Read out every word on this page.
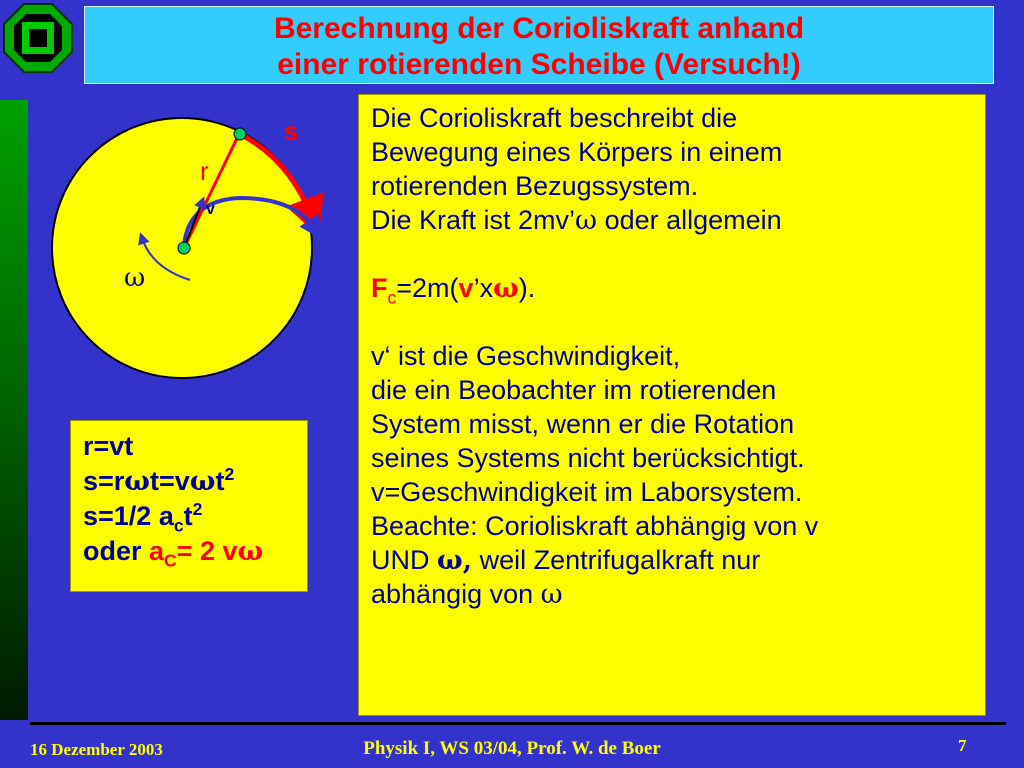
Berechnung der Corioliskraft anhand
einer rotierenden Scheibe (Versuch!)
s
r
v
ω
r=vt
s=rωt=vωt$^2$
s=1/2 $a_ct^2$
oder $a_C= 2$ vω
Die Corioliskraft beschreibt die
Bewegung eines Körpers in einem
rotierenden Bezugssystem.
Die Kraft ist 2mv’ω oder allgemein
$F_c=2m(v’x\omega)$.
v‘ ist die Geschwindigkeit,
die ein Beobachter im rotierenden
System misst, wenn er die Rotation
seines Systems nicht berücksichtigt.
v=Geschwindigkeit im Laborsystem.
Beachte: Corioliskraft abhängig von v
UND ω, weil Zentrifugalkraft nur
abhängig von ω
16 Dezember 2003	Physik I, WS 03/04, Prof. W. de Boer	7
